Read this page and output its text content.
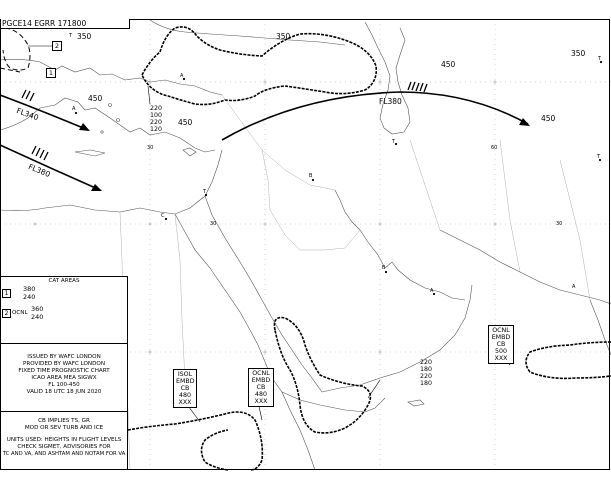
PGCE14 EGRR 171800
350	350
450
350
450
450	450
FL340
FL380
FL380
2
1
30	60
30	30
T
T
T
T
T
A
A
B
A
B
A
C
220
100
220
120
220
180
220
180
ISOL
EMBD
CB
480
XXX
OCNL
EMBD
CB
480
XXX
OCNL
EMBD
CB
500
XXX
CAT AREAS
1
380
240
2 OCNL 360
240
ISSUED BY WAFC LONDON
PROVIDED BY WAFC LONDON
FIXED TIME PROGNOSTIC CHART
ICAO AREA MEA SIGWX
FL 100-450
VALID 18 UTC 18 JUN 2020
CB IMPLIES TS, GR
MOD OR SEV TURB AND ICE
UNITS USED: HEIGHTS IN FLIGHT LEVELS
CHECK SIGMET, ADVISORIES FOR
TC AND VA, AND ASHTAM AND NOTAM FOR VA
